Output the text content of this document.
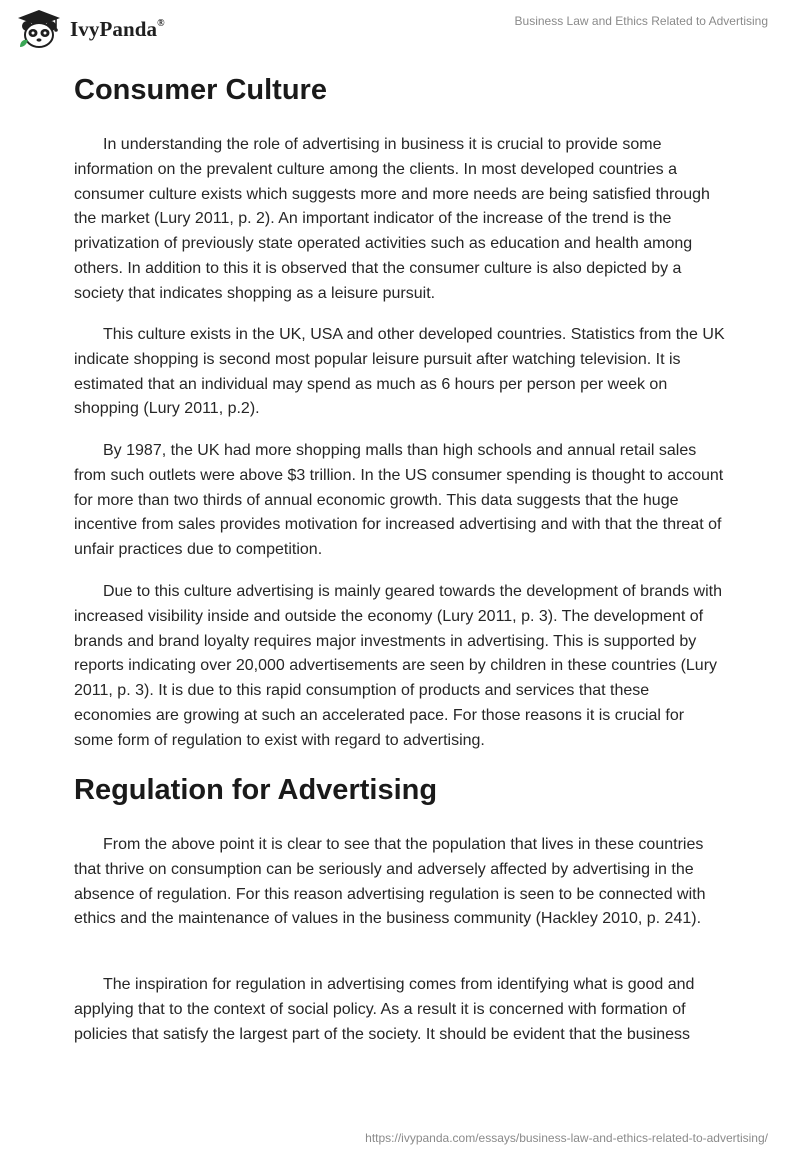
IvyPanda®	Business Law and Ethics Related to Advertising
Consumer Culture

In understanding the role of advertising in business it is crucial to provide some information on the prevalent culture among the clients. In most developed countries a consumer culture exists which suggests more and more needs are being satisfied through the market (Lury 2011, p. 2). An important indicator of the increase of the trend is the privatization of previously state operated activities such as education and health among others. In addition to this it is observed that the consumer culture is also depicted by a society that indicates shopping as a leisure pursuit.

This culture exists in the UK, USA and other developed countries. Statistics from the UK indicate shopping is second most popular leisure pursuit after watching television. It is estimated that an individual may spend as much as 6 hours per person per week on shopping (Lury 2011, p.2).

By 1987, the UK had more shopping malls than high schools and annual retail sales from such outlets were above $3 trillion. In the US consumer spending is thought to account for more than two thirds of annual economic growth. This data suggests that the huge incentive from sales provides motivation for increased advertising and with that the threat of unfair practices due to competition.

Due to this culture advertising is mainly geared towards the development of brands with increased visibility inside and outside the economy (Lury 2011, p. 3). The development of brands and brand loyalty requires major investments in advertising. This is supported by reports indicating over 20,000 advertisements are seen by children in these countries (Lury 2011, p. 3). It is due to this rapid consumption of products and services that these economies are growing at such an accelerated pace. For those reasons it is crucial for some form of regulation to exist with regard to advertising.

Regulation for Advertising

From the above point it is clear to see that the population that lives in these countries that thrive on consumption can be seriously and adversely affected by advertising in the absence of regulation. For this reason advertising regulation is seen to be connected with ethics and the maintenance of values in the business community (Hackley 2010, p. 241).

The inspiration for regulation in advertising comes from identifying what is good and applying that to the context of social policy. As a result it is concerned with formation of policies that satisfy the largest part of the society. It should be evident that the business

https://ivypanda.com/essays/business-law-and-ethics-related-to-advertising/
